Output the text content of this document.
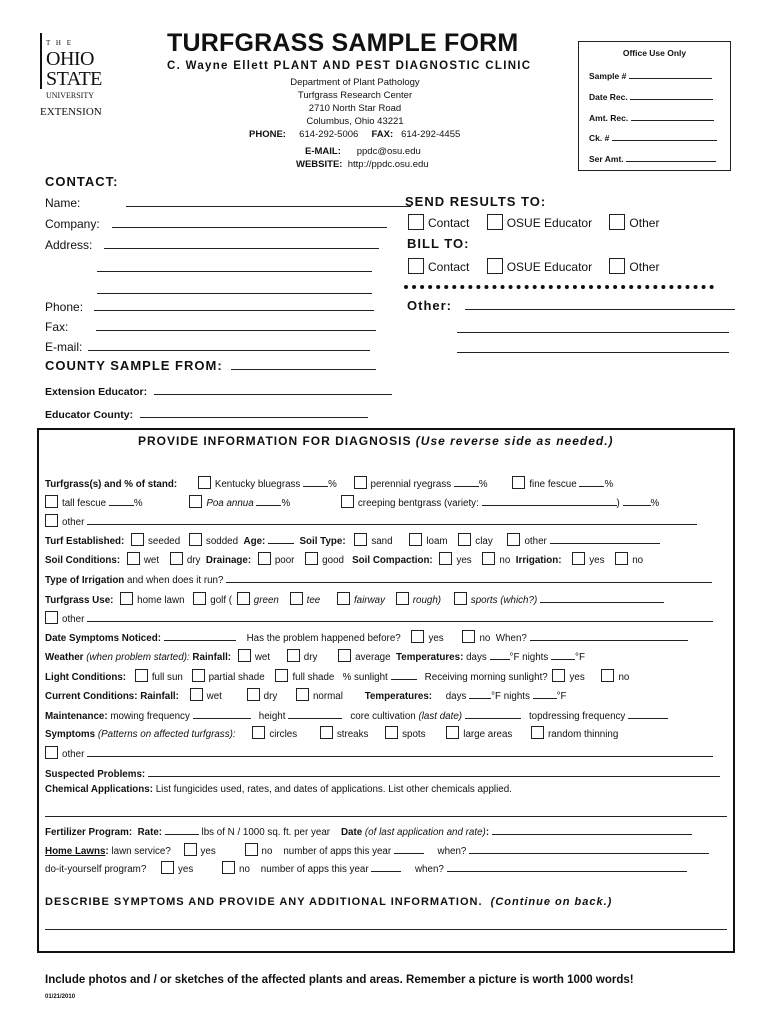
T H E
OHIO
STATE
UNIVERSITY
EXTENSION
TURFGRASS SAMPLE FORM
C. Wayne Ellett PLANT AND PEST DIAGNOSTIC CLINIC
Department of Plant Pathology
Turfgrass Research Center
2710 North Star Road
Columbus, Ohio 43221
PHONE: 614-292-5006 FAX: 614-292-4455
E-MAIL: ppdc@osu.edu
WEBSITE: http://ppdc.osu.edu
Office Use Only
Sample #
Date Rec.
Amt. Rec.
Ck. #
Ser Amt.
CONTACT:
Name:
Company:
Address:
Phone:
Fax:
E-mail:
SEND RESULTS TO:
Contact	OSUE Educator	Other
BILL TO:
Contact	OSUE Educator	Other
Other:
COUNTY SAMPLE FROM:
Extension Educator:
Educator County:
PROVIDE INFORMATION FOR DIAGNOSIS (Use reverse side as needed.)
Turfgrass(s) and % of stand:	Kentucky bluegrass	%	perennial ryegrass	%	fine fescue	%
tall fescue	%	Poa annua	%	creeping bentgrass (variety:	)	%
other
Turf Established: seeded	sodded Age:	Soil Type:	sand	loam	clay	other
Soil Conditions: wet	dry Drainage: poor	good Soil Compaction: yes	no Irrigation:	yes	no
Type of Irrigation and when does it run?
Turfgrass Use: home lawn	golf ( green	tee	fairway	rough)	sports (which?)
other
Date Symptoms Noticed:	Has the problem happened before?	yes	no When?
Weather (when problem started): Rainfall: wet	dry	average Temperatures: days °F nights	°F
Light Conditions:	full sun	partial shade	full shade % sunlight	Receiving morning sunlight? yes	no
Current Conditions: Rainfall:	wet	dry	normal Temperatures: days	°F nights	°F
Maintenance: mowing frequency	height	core cultivation (last date)	topdressing frequency
Symptoms (Patterns on affected turfgrass):	circles	streaks	spots	large areas	random thinning
other
Suspected Problems:
Chemical Applications: List fungicides used, rates, and dates of applications. List other chemicals applied.
Fertilizer Program: Rate:	lbs of N / 1000 sq. ft. per year Date (of last application and rate):
Home Lawns: lawn service?	yes	no number of apps this year	when?
do-it-yourself program?	yes	no number of apps this year	when?
DESCRIBE SYMPTOMS AND PROVIDE ANY ADDITIONAL INFORMATION. (Continue on back.)
Include photos and / or sketches of the affected plants and areas. Remember a picture is worth 1000 words!
01/21/2010
